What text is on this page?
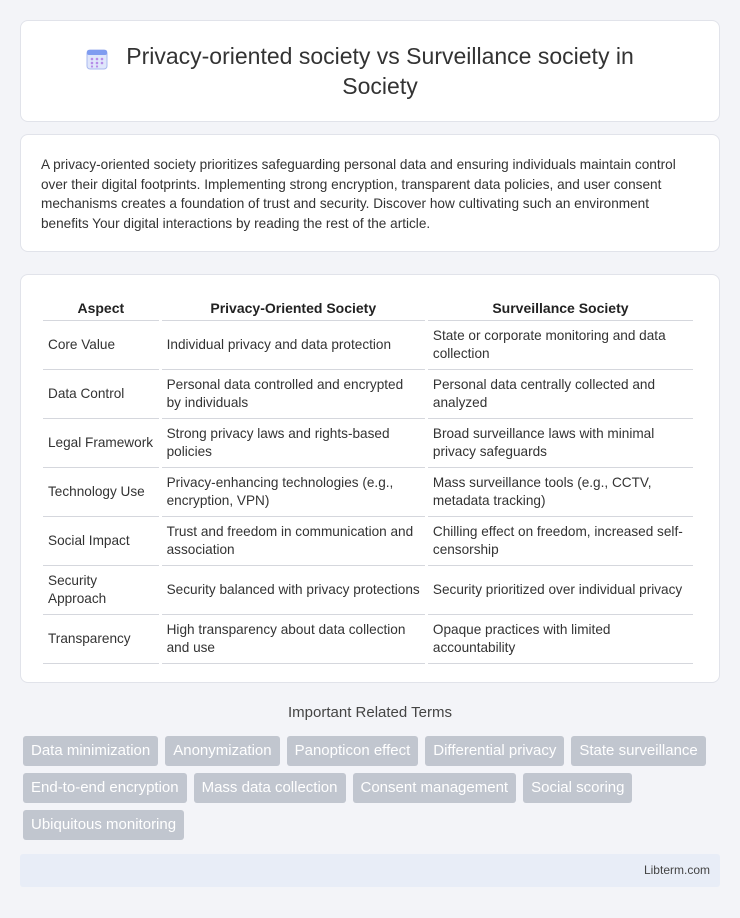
Privacy-oriented society vs Surveillance society in Society

A privacy-oriented society prioritizes safeguarding personal data and ensuring individuals maintain control over their digital footprints. Implementing strong encryption, transparent data policies, and user consent mechanisms creates a foundation of trust and security. Discover how cultivating such an environment benefits Your digital interactions by reading the rest of the article.

Aspect	Privacy-Oriented Society	Surveillance Society
Core Value	Individual privacy and data protection	State or corporate monitoring and data collection
Data Control	Personal data controlled and encrypted by individuals	Personal data centrally collected and analyzed
Legal Framework	Strong privacy laws and rights-based policies	Broad surveillance laws with minimal privacy safeguards
Technology Use	Privacy-enhancing technologies (e.g., encryption, VPN)	Mass surveillance tools (e.g., CCTV, metadata tracking)
Social Impact	Trust and freedom in communication and association	Chilling effect on freedom, increased self-censorship
Security Approach	Security balanced with privacy protections	Security prioritized over individual privacy
Transparency	High transparency about data collection and use	Opaque practices with limited accountability
Important Related Terms
Data minimization	Anonymization	Panopticon effect	Differential privacy	State surveillance
End-to-end encryption	Mass data collection	Consent management	Social scoring
Ubiquitous monitoring
Libterm.com
